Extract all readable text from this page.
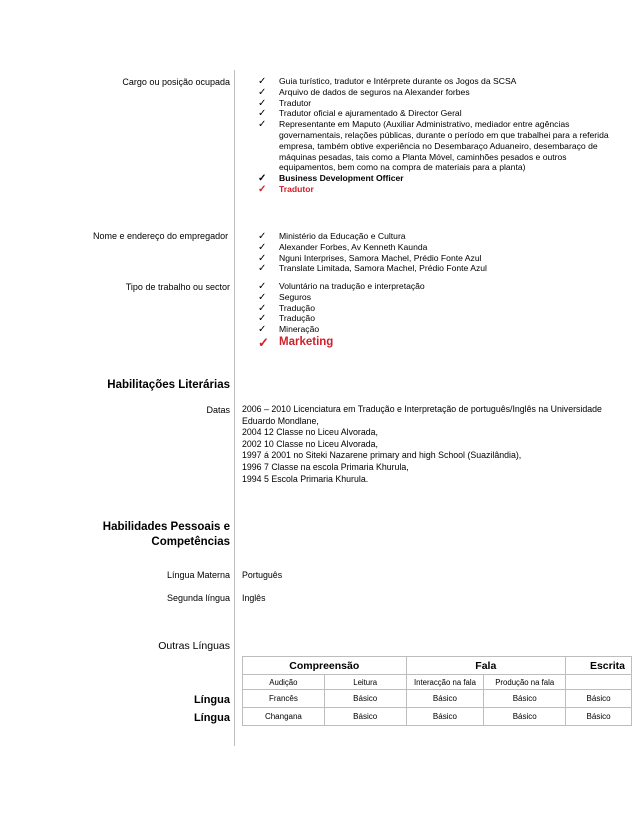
Cargo ou posição ocupada	✓ Guia turístico, tradutor e Intérprete durante os Jogos da SCSA
✓ Arquivo de dados de seguros na Alexander forbes
✓ Tradutor
✓ Tradutor oficial e ajuramentado & Director Geral
✓ Representante em Maputo (Auxiliar Administrativo, mediador entre agências governamentais, relações públicas, durante o período em que trabalhei para a referida empresa, também obtive experiência no Desembaraço Aduaneiro, desembaraço de máquinas pesadas, tais como a Planta Móvel, caminhões pesados e outros equipamentos, bem como na compra de materiais para a planta)
✓ Business Development Officer
✓ Tradutor
Nome e endereço do empregador	✓ Ministério da Educação e Cultura
✓ Alexander Forbes, Av Kenneth Kaunda
✓ Nguni Interprises, Samora Machel, Prédio Fonte Azul
✓ Translate Limitada, Samora Machel, Prédio Fonte Azul
Tipo de trabalho ou sector	✓ Voluntário na tradução e interpretação
✓ Seguros
✓ Tradução
✓ Tradução
✓ Mineração
✓ Marketing
Habilitações Literárias
Datas 2006 – 2010 Licenciatura em Tradução e Interpretação de português/Inglês na Universidade Eduardo Mondlane,
2004 12 Classe no Liceu Alvorada,
2002 10 Classe no Liceu Alvorada,
1997 á 2001 no Siteki Nazarene primary and high School (Suazilândia),
1996 7 Classe na escola Primaria Khurula,
1994 5 Escola Primaria Khurula.
Habilidades Pessoais e
Competências
Língua Materna Português
Segunda língua Inglês
Outras Línguas
Compreensão		Fala		Escrita
Audição	Leitura	Interacção na fala	Produção na fala	
Francês	Básico	Básico	Básico	Básico
Changana	Básico	Básico	Básico	Básico
Língua
Língua
